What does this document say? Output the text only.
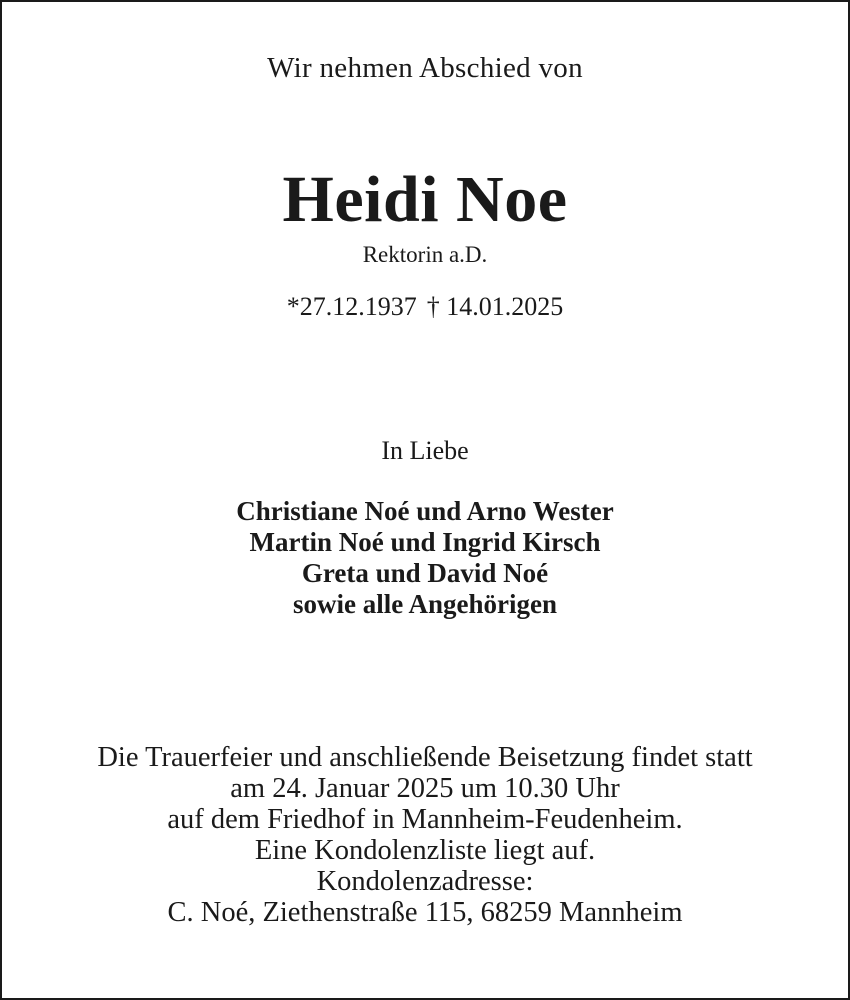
Wir nehmen Abschied von

Heidi Noe

Rektorin a.D.

*27.12.1937 † 14.01.2025

In Liebe

Christiane Noé und Arno Wester
Martin Noé und Ingrid Kirsch
Greta und David Noé
sowie alle Angehörigen
Die Trauerfeier und anschließende Beisetzung findet statt
am 24. Januar 2025 um 10.30 Uhr
auf dem Friedhof in Mannheim-Feudenheim.
Eine Kondolenzliste liegt auf.
Kondolenzadresse:
C. Noé, Ziethenstraße 115, 68259 Mannheim
